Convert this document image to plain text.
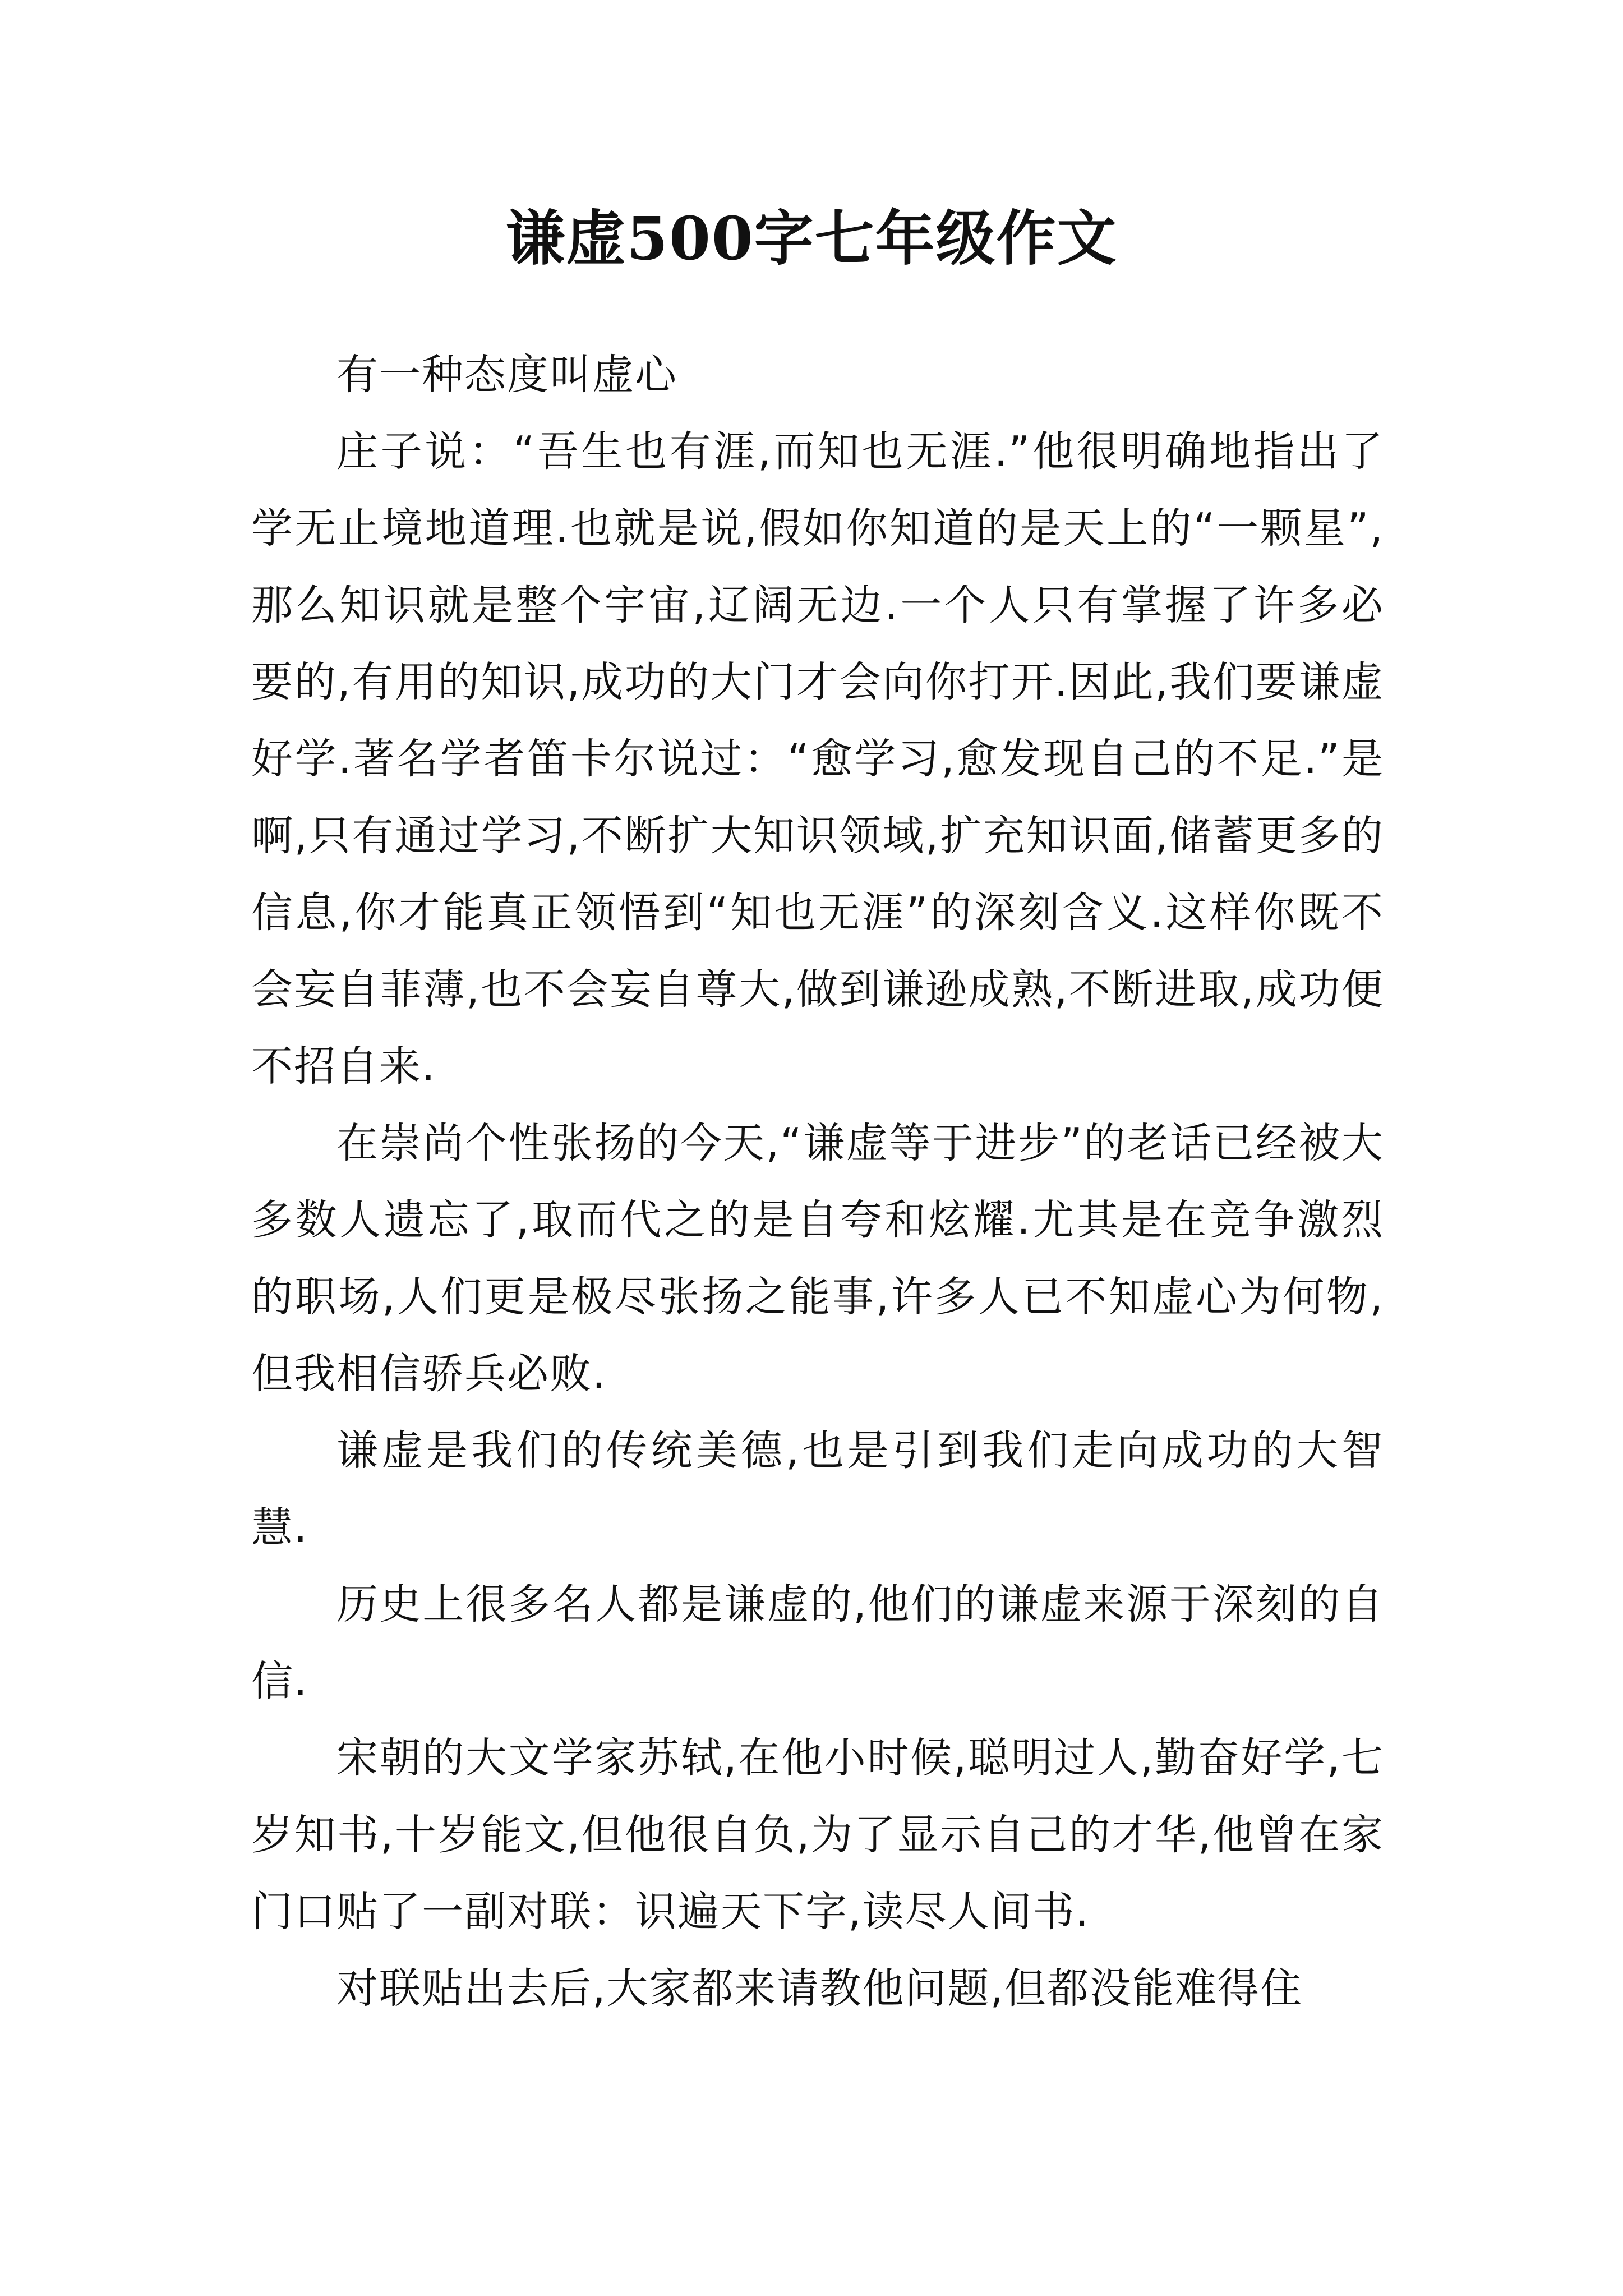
谦虚500字七年级作文

有一种态度叫虚心

庄子说：“吾生也有涯,而知也无涯.”他很明确地指出了学无止境地道理.也就是说,假如你知道的是天上的“一颗星”,那么知识就是整个宇宙,辽阔无边.一个人只有掌握了许多必要的,有用的知识,成功的大门才会向你打开.因此,我们要谦虚好学.著名学者笛卡尔说过：“愈学习,愈发现自己的不足.”是啊,只有通过学习,不断扩大知识领域,扩充知识面,储蓄更多的信息,你才能真正领悟到“知也无涯”的深刻含义.这样你既不会妄自菲薄,也不会妄自尊大,做到谦逊成熟,不断进取,成功便不招自来.

在崇尚个性张扬的今天,“谦虚等于进步”的老话已经被大多数人遗忘了,取而代之的是自夸和炫耀.尤其是在竞争激烈的职场,人们更是极尽张扬之能事,许多人已不知虚心为何物,但我相信骄兵必败.

谦虚是我们的传统美德,也是引到我们走向成功的大智慧.

历史上很多名人都是谦虚的,他们的谦虚来源于深刻的自信.

宋朝的大文学家苏轼,在他小时候,聪明过人,勤奋好学,七岁知书,十岁能文,但他很自负,为了显示自己的才华,他曾在家门口贴了一副对联：识遍天下字,读尽人间书.

对联贴出去后,大家都来请教他问题,但都没能难得住
